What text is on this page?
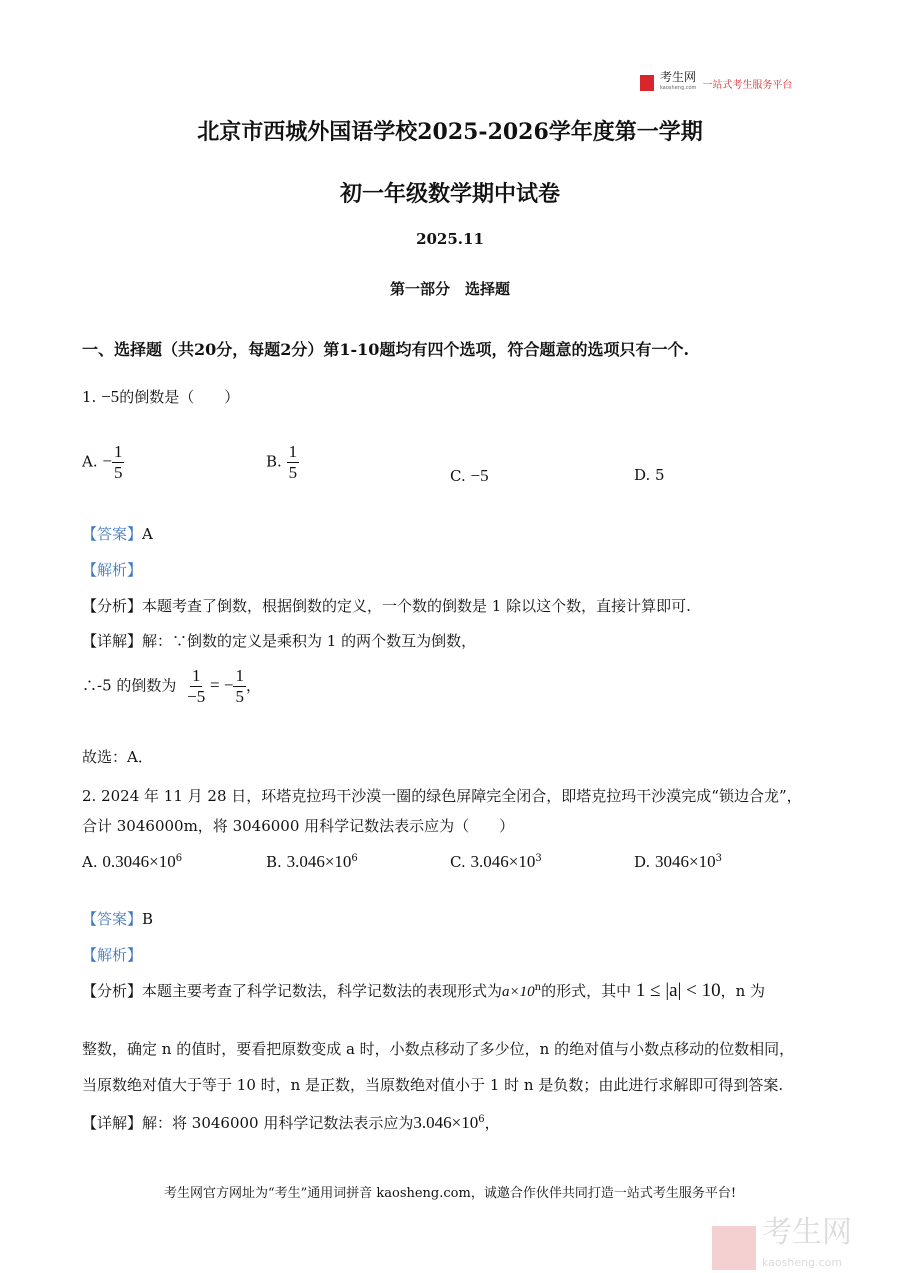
考生网
kaosheng.com 一站式考生服务平台
北京市西城外国语学校2025-2026学年度第一学期
初一年级数学期中试卷
2025.11
第一部分　选择题
一、选择题（共20分，每题2分）第1-10题均有四个选项，符合题意的选项只有一个.
1. −5的倒数是（　　）
A. − $\frac{1}{5}$	B. $\frac{1}{5}$	C. −5	D. 5
【答案】A
【解析】
【分析】本题考查了倒数，根据倒数的定义，一个数的倒数是 1 除以这个数，直接计算即可.
【详解】解：∵倒数的定义是乘积为 1 的两个数互为倒数，
∴-5 的倒数为 $\frac{1}{-5}$ = − $\frac{1}{5}$ ，
故选：A．
2. 2024 年 11 月 28 日，环塔克拉玛干沙漠一圈的绿色屏障完全闭合，即塔克拉玛干沙漠完成“锁边合龙”，
合计 3046000m，将 3046000 用科学记数法表示应为（　　）
A. $0.3046\times 10^6$	B. $3.046\times 10^6$	C. $3.046\times 10^3$	D. $3046\times 10^3$
【答案】B
【解析】
【分析】本题主要考查了科学记数法，科学记数法的表现形式为$a\times 10^n$的形式，其中 1 ≤ |a| < 10，n 为
整数，确定 n 的值时，要看把原数变成 a 时，小数点移动了多少位，n 的绝对值与小数点移动的位数相同，
当原数绝对值大于等于 10 时，n 是正数，当原数绝对值小于 1 时 n 是负数；由此进行求解即可得到答案.
【详解】解：将 3046000 用科学记数法表示应为$3.046\times 10^6$，
考生网官方网址为“考生”通用词拼音 kaosheng.com，诚邀合作伙伴共同打造一站式考生服务平台!
考生网
kaosheng.com
